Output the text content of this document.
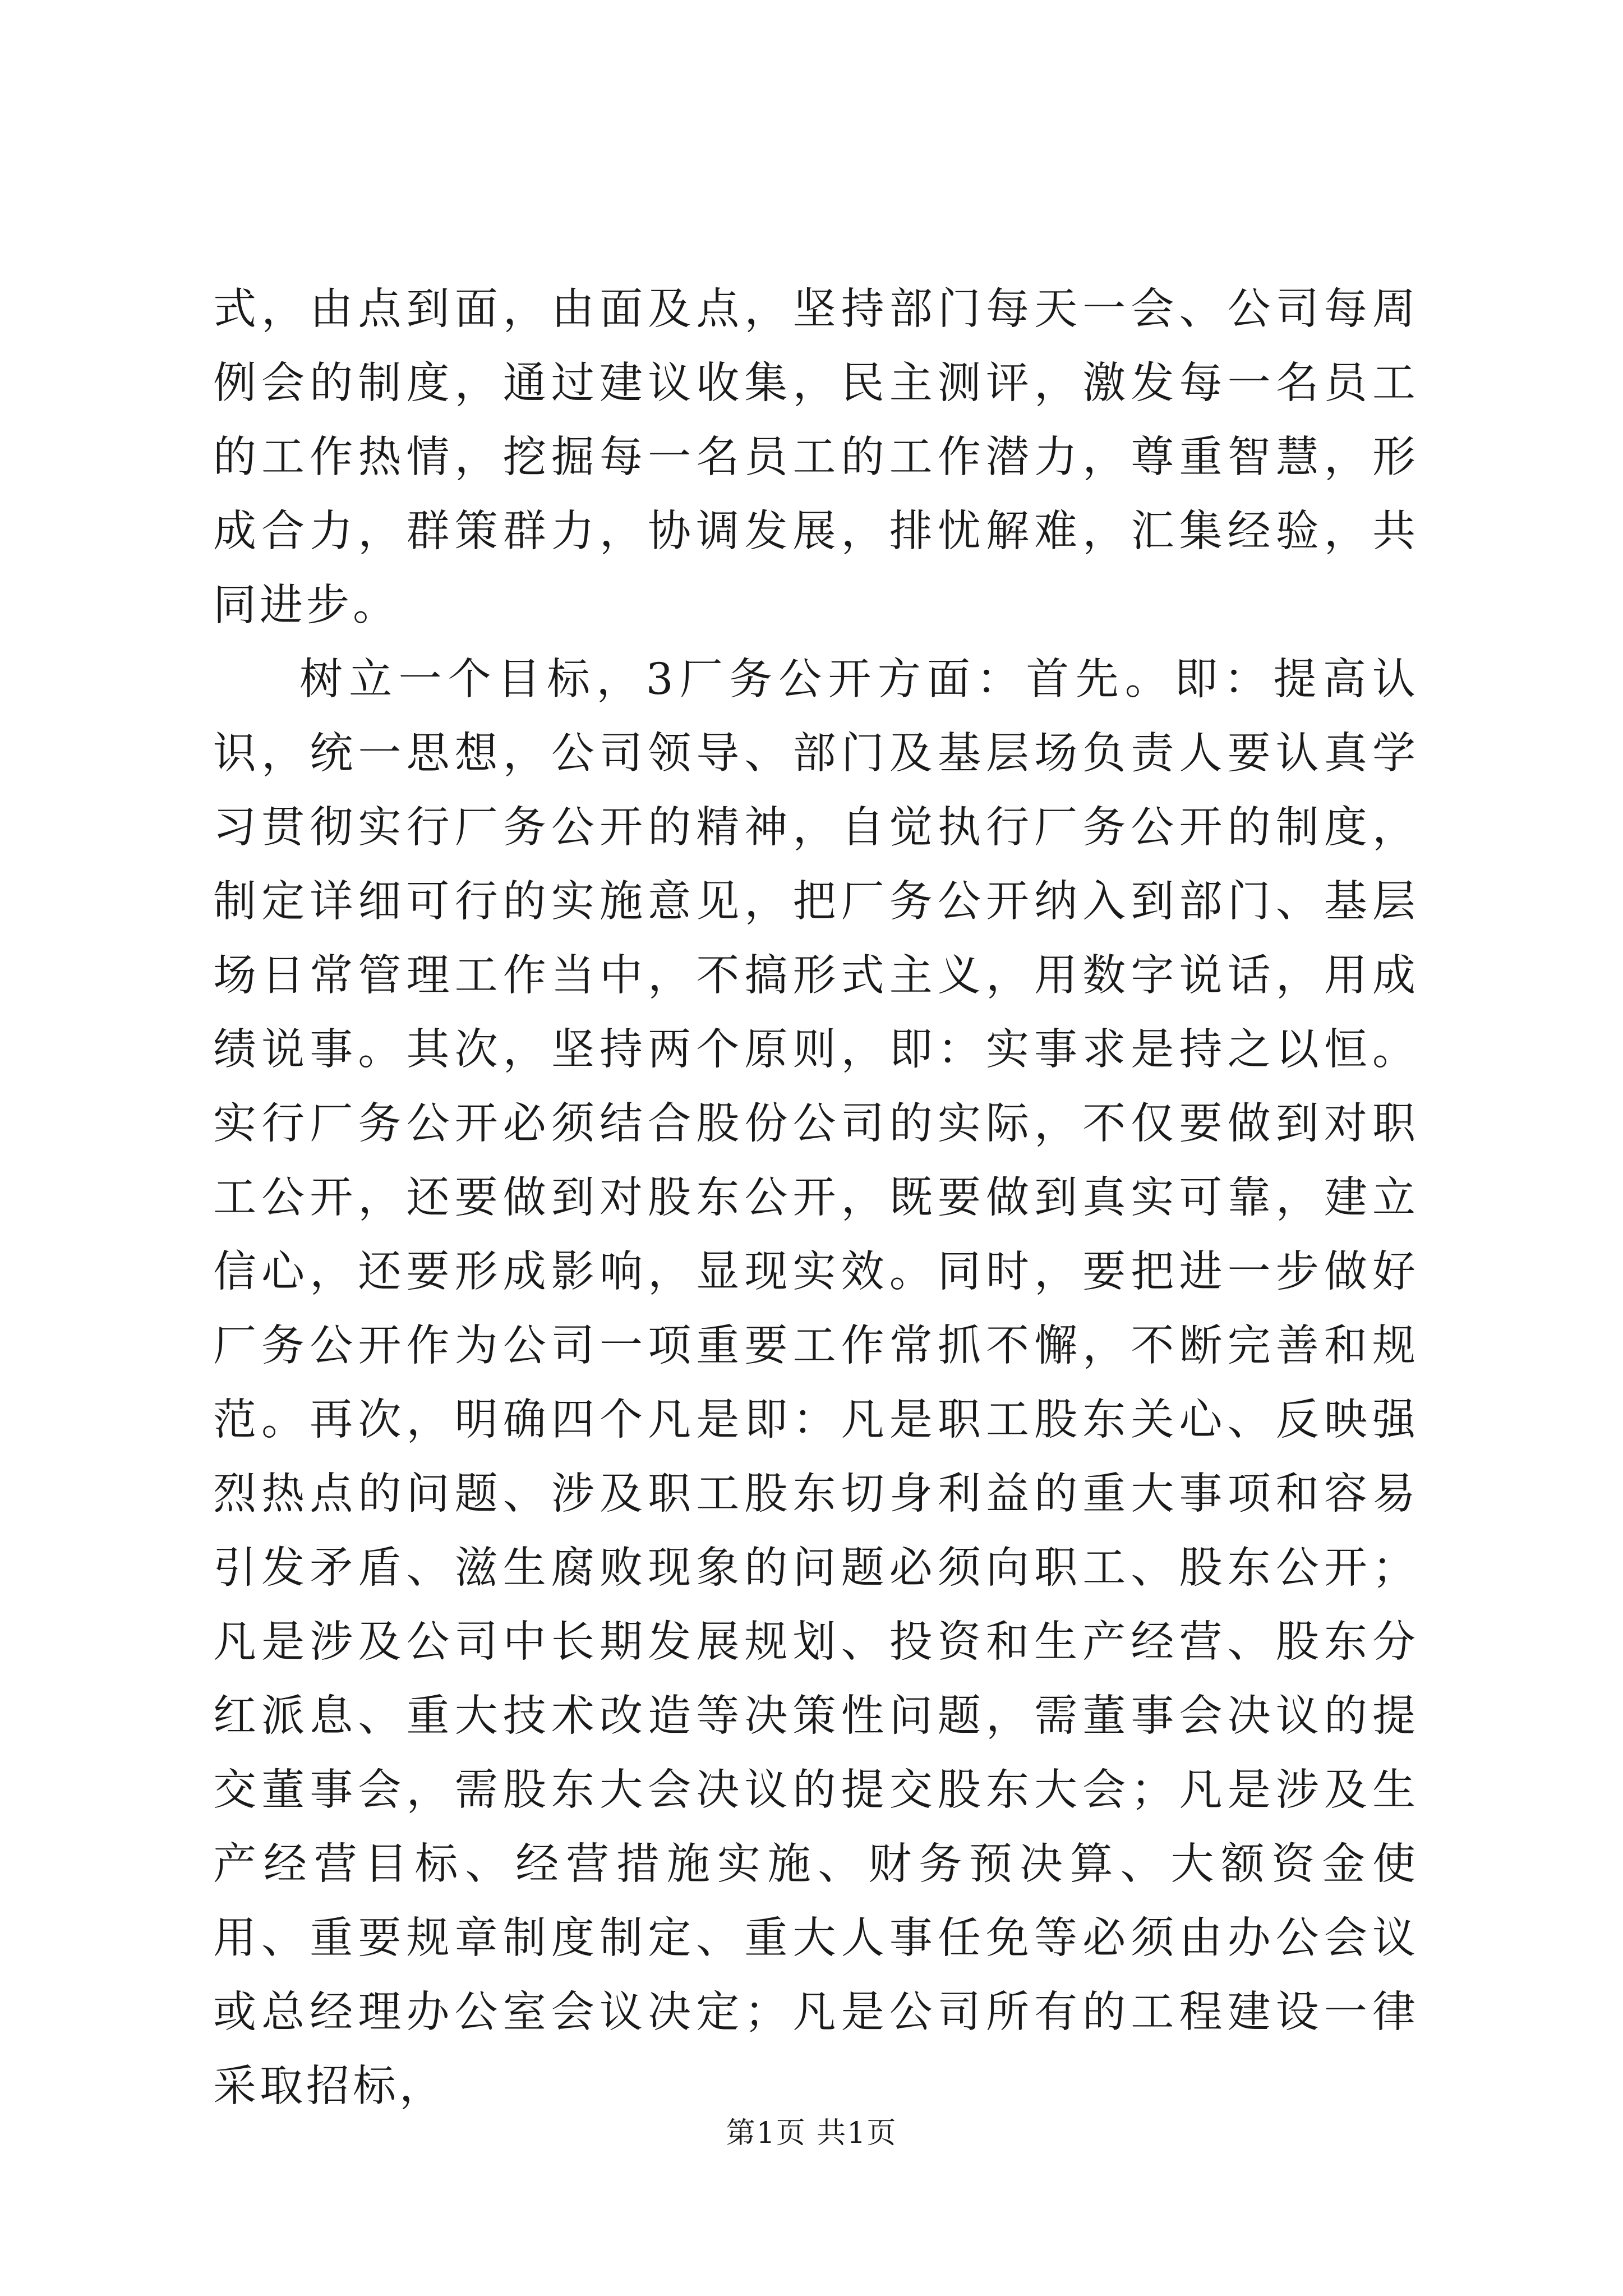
式，由点到面，由面及点，坚持部门每天一会、公司每周例会的制度，通过建议收集，民主测评，激发每一名员工的工作热情，挖掘每一名员工的工作潜力，尊重智慧，形成合力，群策群力，协调发展，排忧解难，汇集经验，共同进步。

树立一个目标，3厂务公开方面：首先。即：提高认识，统一思想，公司领导、部门及基层场负责人要认真学习贯彻实行厂务公开的精神，自觉执行厂务公开的制度，制定详细可行的实施意见，把厂务公开纳入到部门、基层场日常管理工作当中，不搞形式主义，用数字说话，用成绩说事。其次，坚持两个原则，即：实事求是持之以恒。实行厂务公开必须结合股份公司的实际，不仅要做到对职工公开，还要做到对股东公开，既要做到真实可靠，建立信心，还要形成影响，显现实效。同时，要把进一步做好厂务公开作为公司一项重要工作常抓不懈，不断完善和规范。再次，明确四个凡是即：凡是职工股东关心、反映强烈热点的问题、涉及职工股东切身利益的重大事项和容易引发矛盾、滋生腐败现象的问题必须向职工、股东公开；凡是涉及公司中长期发展规划、投资和生产经营、股东分红派息、重大技术改造等决策性问题，需董事会决议的提交董事会，需股东大会决议的提交股东大会；凡是涉及生产经营目标、经营措施实施、财务预决算、大额资金使用、重要规章制度制定、重大人事任免等必须由办公会议或总经理办公室会议决定；凡是公司所有的工程建设一律采取招标，

第1页 共1页
